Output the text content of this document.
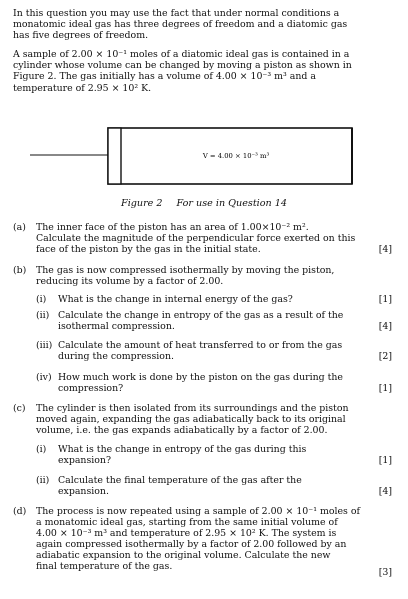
In this question you may use the fact that under normal conditions a
monatomic ideal gas has three degrees of freedom and a diatomic gas
has five degrees of freedom.
A sample of 2.00 × 10⁻¹ moles of a diatomic ideal gas is contained in a
cylinder whose volume can be changed by moving a piston as shown in
Figure 2. The gas initially has a volume of 4.00 × 10⁻³ m³ and a
temperature of 2.95 × 10² K.
V = 4.00 × 10⁻³ m³
Figure 2 For use in Question 14
(a) The inner face of the piston has an area of 1.00×10⁻² m².
Calculate the magnitude of the perpendicular force exerted on this
face of the piston by the gas in the initial state.	[4]
(b) The gas is now compressed isothermally by moving the piston,
reducing its volume by a factor of 2.00.
(i) What is the change in internal energy of the gas?	[1]
(ii) Calculate the change in entropy of the gas as a result of the
isothermal compression.	[4]
(iii) Calculate the amount of heat transferred to or from the gas
during the compression.	[2]
(iv) How much work is done by the piston on the gas during the
compression?	[1]
(c) The cylinder is then isolated from its surroundings and the piston
moved again, expanding the gas adiabatically back to its original
volume, i.e. the gas expands adiabatically by a factor of 2.00.
(i) What is the change in entropy of the gas during this
expansion?	[1]
(ii) Calculate the final temperature of the gas after the
expansion.	[4]
(d) The process is now repeated using a sample of 2.00 × 10⁻¹ moles of
a monatomic ideal gas, starting from the same initial volume of
4.00 × 10⁻³ m³ and temperature of 2.95 × 10² K. The system is
again compressed isothermally by a factor of 2.00 followed by an
adiabatic expansion to the original volume. Calculate the new
final temperature of the gas.
[3]
